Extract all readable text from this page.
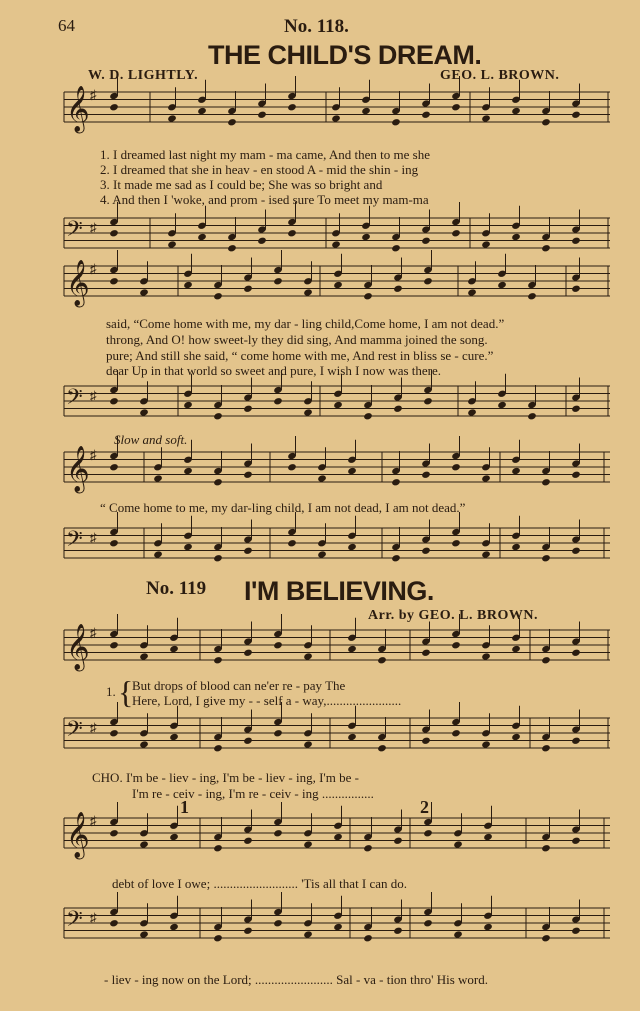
𝄞 ♯
𝄢 ♯
𝄞 ♯
𝄢 ♯
𝄞 ♯
𝄢 ♯
𝄞 ♯
𝄢 ♯
𝄞 ♯
𝄢 ♯
64	No. 118.
THE CHILD'S DREAM.
W. D. LIGHTLY.	GEO. L. BROWN.
1. I dreamed last night my mam - ma came, And then to me she
2. I dreamed that she in heav - en stood A - mid the shin - ing
3. It made me sad as I could be; She was so bright and
4. And then I 'woke, and prom - ised sure To meet my mam-ma
said, “Come home with me, my dar - ling child,Come home, I am not dead.”
throng, And O! how sweet-ly they did sing, And mamma joined the song.
pure; And still she said, “ come home with me, And rest in bliss se - cure.”
dear Up in that world so sweet and pure, I wish I now was there.
Slow and soft.
“ Come home to me, my dar-ling child, I am not dead, I am not dead.”
No. 119 I'M BELIEVING.
Arr. by GEO. L. BROWN.
1. {
But drops of blood can ne'er re - pay The
Here, Lord, I give my - - self a - way,.......................
CHO. I'm be - liev - ing, I'm be - liev - ing, I'm be -
I'm re - ceiv - ing, I'm re - ceiv - ing ................
1	2
debt of love I owe; .......................... 'Tis all that I can do.
- liev - ing now on the Lord; ........................ Sal - va - tion thro' His word.
